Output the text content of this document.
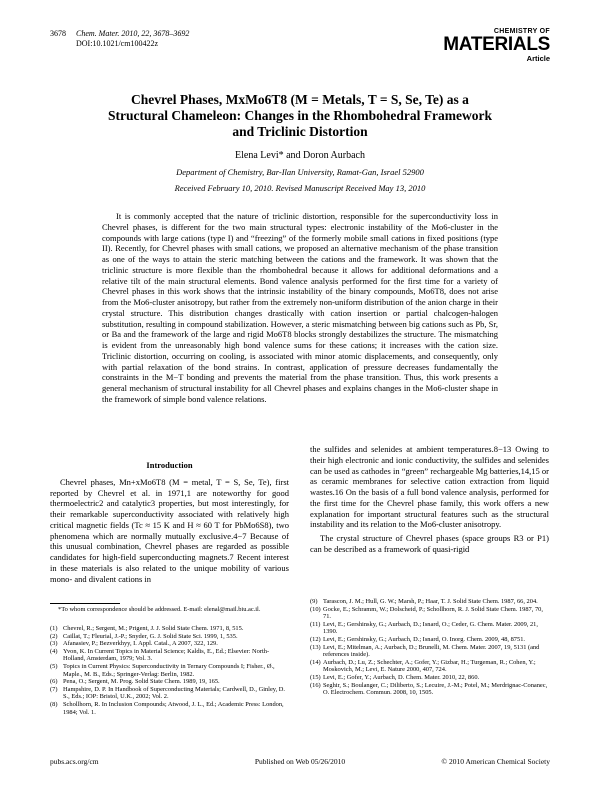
3678 Chem. Mater. 2010, 22, 3678–3692
DOI:10.1021/cm100422z
CHEMISTRY OF
MATERIALS
Article
Chevrel Phases, MxMo6T8 (M = Metals, T = S, Se, Te) as a Structural Chameleon: Changes in the Rhombohedral Framework and Triclinic Distortion
Elena Levi* and Doron Aurbach
Department of Chemistry, Bar-Ilan University, Ramat-Gan, Israel 52900
Received February 10, 2010. Revised Manuscript Received May 13, 2010
It is commonly accepted that the nature of triclinic distortion, responsible for the superconductivity loss in Chevrel phases, is different for the two main structural types: electronic instability of the Mo6-cluster in the compounds with large cations (type I) and “freezing” of the formerly mobile small cations in fixed positions (type II). Recently, for Chevrel phases with small cations, we proposed an alternative mechanism of the phase transition as one of the ways to attain the steric matching between the cations and the framework. It was shown that the triclinic structure is more flexible than the rhombohedral because it allows for additional deformations and a relative tilt of the main structural elements. Bond valence analysis performed for the first time for a variety of Chevrel phases in this work shows that the intrinsic instability of the binary compounds, Mo6T8, does not arise from the Mo6-cluster anisotropy, but rather from the extremely non-uniform distribution of the anion charge in their crystal structure. This distribution changes drastically with cation insertion or partial chalcogen-halogen substitution, resulting in compound stabilization. However, a steric mismatching between big cations such as Pb, Sr, or Ba and the framework of the large and rigid Mo6T8 blocks strongly destabilizes the structure. The mismatching is evident from the unreasonably high bond valence sums for these cations; it increases with the cation size. Triclinic distortion, occurring on cooling, is associated with minor atomic displacements, and consequently, only with partial relaxation of the bond strains. In contrast, application of pressure decreases fundamentally the constraints in the M−T bonding and prevents the material from the phase transition. Thus, this work presents a general mechanism of structural instability for all Chevrel phases and explains changes in the Mo6-cluster shape in the framework of simple bond valence relations.
Introduction

Chevrel phases, Mn+xMo6T8 (M = metal, T = S, Se, Te), first reported by Chevrel et al. in 1971,1 are noteworthy for good thermoelectric2 and catalytic3 properties, but most interestingly, for their remarkable superconductivity associated with relatively high critical magnetic fields (Tc ≈ 15 K and H ≈ 60 T for PbMo6S8), two phenomena which are normally mutually exclusive.4−7 Because of this unusual combination, Chevrel phases are regarded as possible candidates for high-field superconducting magnets.7 Recent interest in these materials is also related to the unique mobility of various mono- and divalent cations in

*To whom correspondence should be addressed. E-mail: elenal@mail.biu.ac.il.
(1) Chevrel, R.; Sergent, M.; Prigent, J. J. Solid State Chem. 1971, 8, 515.
(2) Caillat, T.; Fleurial, J.-P.; Snyder, G. J. Solid State Sci. 1999, 1, 535.
(3) Afanasiev, P.; Bezverkhyy, I. Appl. Catal., A 2007, 322, 129.
(4) Yvon, K. In Current Topics in Material Science; Kaldis, E., Ed.; Elsevier: North-Holland, Amsterdam, 1979; Vol. 3.
(5) Topics in Current Physics: Superconductivity in Ternary Compounds I; Fisher., Ø., Maple., M. B., Eds.; Springer-Verlag: Berlin, 1982.
(6) Pena, O.; Sergent, M. Prog. Solid State Chem. 1989, 19, 165.
(7) Hampshire, D. P. In Handbook of Superconducting Materials; Cardwell, D., Ginley, D. S., Eds.; IOP: Bristol, U.K., 2002; Vol. 2.
(8) Schollhorn, R. In Inclusion Compounds; Atwood, J. L., Ed.; Academic Press: London, 1984; Vol. 1.

the sulfides and selenides at ambient temperatures.8−13 Owing to their high electronic and ionic conductivity, the sulfides and selenides can be used as cathodes in “green” rechargeable Mg batteries,14,15 or as ceramic membranes for selective cation extraction from liquid wastes.16 On the basis of a full bond valence analysis, performed for the first time for the Chevrel phase family, this work offers a new explanation for important structural features such as the structural instability and its relation to the Mo6-cluster anisotropy.

The crystal structure of Chevrel phases (space groups R3 or P1) can be described as a framework of quasi-rigid

(9) Tarascon, J. M.; Hull, G. W.; Marsh, P.; Haar, T. J. Solid State Chem. 1987, 66, 204.
(10) Gocke, E.; Schramm, W.; Dolscheid, P.; Schollhorn, R. J. Solid State Chem. 1987, 70, 71.
(11) Levi, E.; Gershinsky, G.; Aurbach, D.; Isnard, O.; Ceder, G. Chem. Mater. 2009, 21, 1390.
(12) Levi, E.; Gershinsky, G.; Aurbach, D.; Isnard, O. Inorg. Chem. 2009, 48, 8751.
(13) Levi, E.; Mitelman, A.; Aurbach, D.; Brunelli, M. Chem. Mater. 2007, 19, 5131 (and references inside).
(14) Aurbach, D.; Lu, Z.; Schechter, A.; Gofer, Y.; Gizbar, H.; Turgeman, R.; Cohen, Y.; Moskovich, M.; Levi, E. Nature 2000, 407, 724.
(15) Levi, E.; Gofer, Y.; Aurbach, D. Chem. Mater. 2010, 22, 860.
(16) Seghir, S.; Boulanger, C.; Diliberto, S.; Lecuire, J.-M.; Potel, M.; Merdrignac-Conanec, O. Electrochem. Commun. 2008, 10, 1505.
pubs.acs.org/cm	Published on Web 05/26/2010	© 2010 American Chemical Society
